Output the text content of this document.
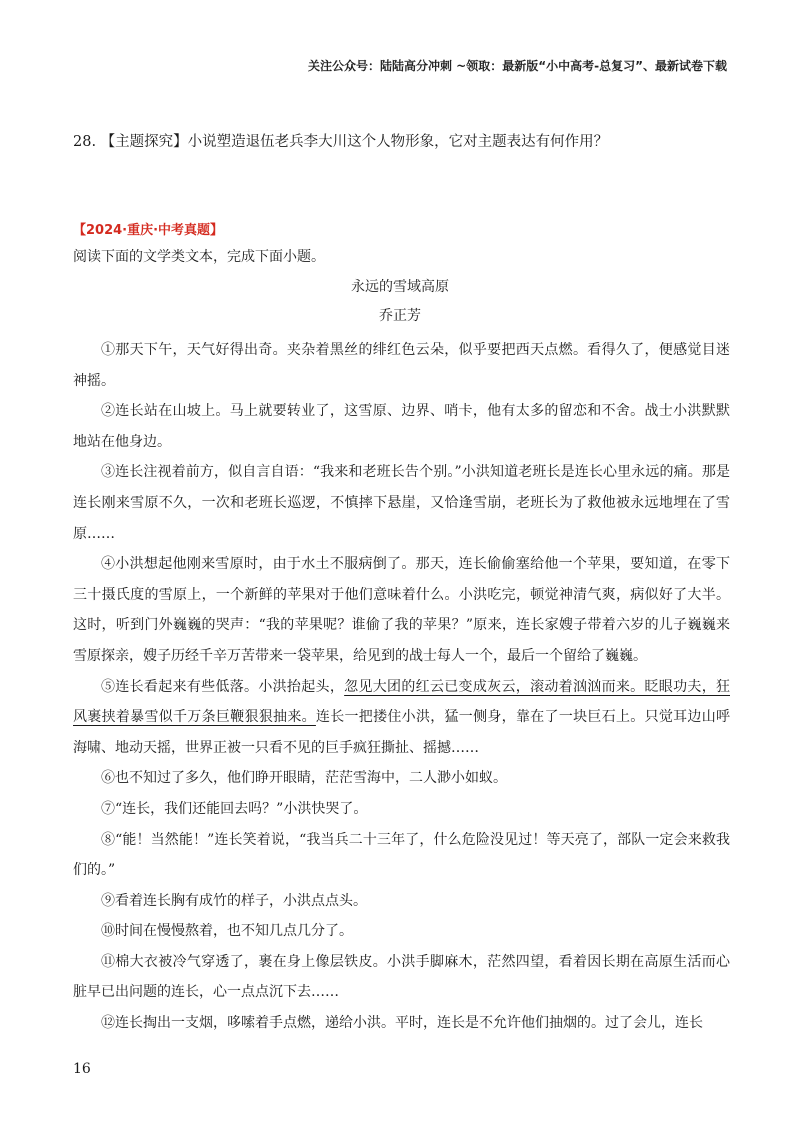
关注公众号：陆陆高分冲刺 ~领取：最新版“小中高考-总复习”、最新试卷下载
28. 【主题探究】小说塑造退伍老兵李大川这个人物形象，它对主题表达有何作用？
【2024·重庆·中考真题】
阅读下面的文学类文本，完成下面小题。
永远的雪域高原
乔正芳

①那天下午，天气好得出奇。夹杂着黑丝的绯红色云朵，似乎要把西天点燃。看得久了，便感觉目迷神摇。

②连长站在山坡上。马上就要转业了，这雪原、边界、哨卡，他有太多的留恋和不舍。战士小洪默默地站在他身边。

③连长注视着前方，似自言自语：“我来和老班长告个别。”小洪知道老班长是连长心里永远的痛。那是连长刚来雪原不久，一次和老班长巡逻，不慎摔下悬崖，又恰逢雪崩，老班长为了救他被永远地埋在了雪原……

④小洪想起他刚来雪原时，由于水土不服病倒了。那天，连长偷偷塞给他一个苹果，要知道，在零下三十摄氏度的雪原上，一个新鲜的苹果对于他们意味着什么。小洪吃完，顿觉神清气爽，病似好了大半。这时，听到门外巍巍的哭声：“我的苹果呢？谁偷了我的苹果？”原来，连长家嫂子带着六岁的儿子巍巍来雪原探亲，嫂子历经千辛万苦带来一袋苹果，给见到的战士每人一个，最后一个留给了巍巍。

⑤连长看起来有些低落。小洪抬起头，忽见大团的红云已变成灰云，滚动着汹汹而来。眨眼功夫，狂风裹挟着暴雪似千万条巨鞭狠狠抽来。连长一把搂住小洪，猛一侧身，靠在了一块巨石上。只觉耳边山呼海啸、地动天摇，世界正被一只看不见的巨手疯狂撕扯、摇撼……

⑥也不知过了多久，他们睁开眼睛，茫茫雪海中，二人渺小如蚁。

⑦“连长，我们还能回去吗？”小洪快哭了。

⑧“能！当然能！”连长笑着说，“我当兵二十三年了，什么危险没见过！等天亮了，部队一定会来救我们的。”

⑨看着连长胸有成竹的样子，小洪点点头。

⑩时间在慢慢熬着，也不知几点几分了。

⑪棉大衣被冷气穿透了，裹在身上像层铁皮。小洪手脚麻木，茫然四望，看着因长期在高原生活而心脏早已出问题的连长，心一点点沉下去……

⑫连长掏出一支烟，哆嗦着手点燃，递给小洪。平时，连长是不允许他们抽烟的。过了会儿，连长

16
